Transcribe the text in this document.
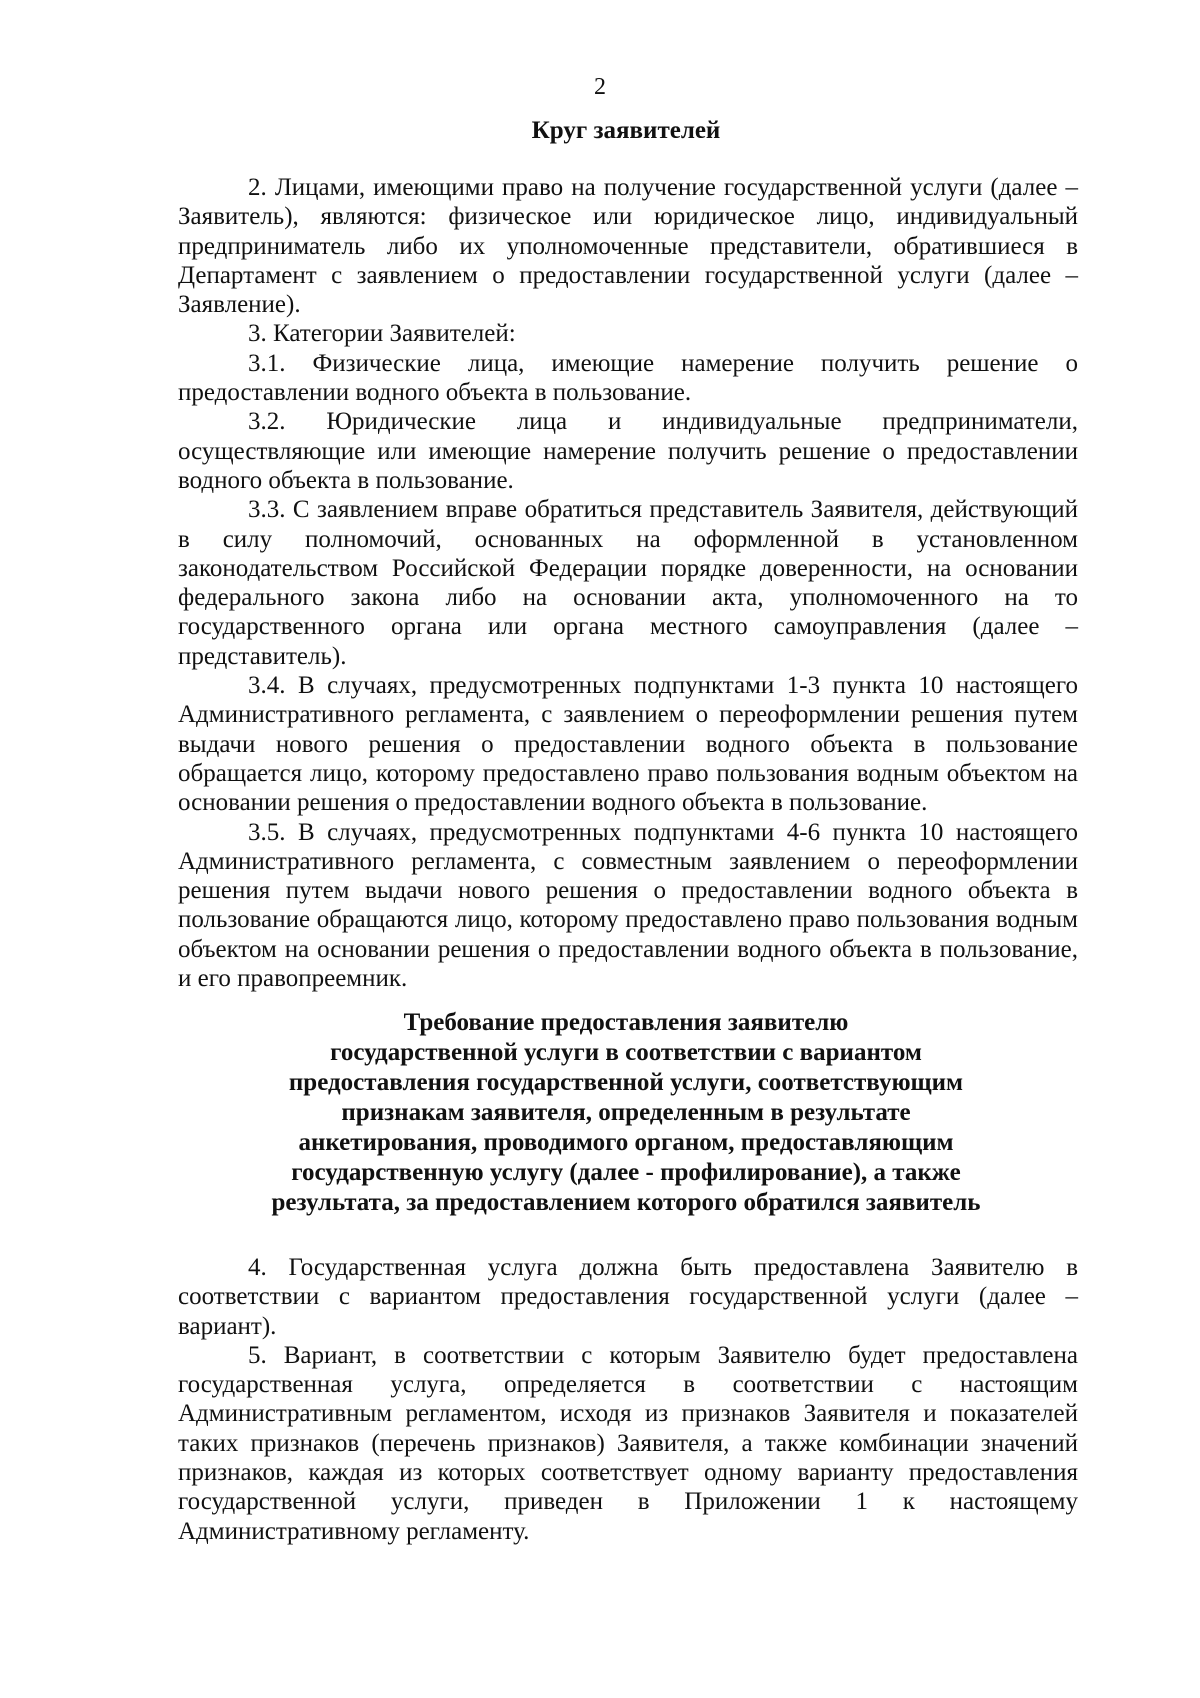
2
Круг заявителей

2. Лицами, имеющими право на получение государственной услуги (далее – Заявитель), являются: физическое или юридическое лицо, индивидуальный предприниматель либо их уполномоченные представители, обратившиеся в Департамент с заявлением о предоставлении государственной услуги (далее – Заявление).

3. Категории Заявителей:

3.1. Физические лица, имеющие намерение получить решение о предоставлении водного объекта в пользование.

3.2. Юридические лица и индивидуальные предприниматели, осуществляющие или имеющие намерение получить решение о предоставлении водного объекта в пользование.

3.3. С заявлением вправе обратиться представитель Заявителя, действующий в силу полномочий, основанных на оформленной в установленном законодательством Российской Федерации порядке доверенности, на основании федерального закона либо на основании акта, уполномоченного на то государственного органа или органа местного самоуправления (далее – представитель).

3.4. В случаях, предусмотренных подпунктами 1-3 пункта 10 настоящего Административного регламента, с заявлением о переоформлении решения путем выдачи нового решения о предоставлении водного объекта в пользование обращается лицо, которому предоставлено право пользования водным объектом на основании решения о предоставлении водного объекта в пользование.

3.5. В случаях, предусмотренных подпунктами 4-6 пункта 10 настоящего Административного регламента, с совместным заявлением о переоформлении решения путем выдачи нового решения о предоставлении водного объекта в пользование обращаются лицо, которому предоставлено право пользования водным объектом на основании решения о предоставлении водного объекта в пользование, и его правопреемник.

Требование предоставления заявителю
государственной услуги в соответствии с вариантом
предоставления государственной услуги, соответствующим
признакам заявителя, определенным в результате
анкетирования, проводимого органом, предоставляющим
государственную услугу (далее - профилирование), а также
результата, за предоставлением которого обратился заявитель

4. Государственная услуга должна быть предоставлена Заявителю в соответствии с вариантом предоставления государственной услуги (далее – вариант).

5. Вариант, в соответствии с которым Заявителю будет предоставлена государственная услуга, определяется в соответствии с настоящим Административным регламентом, исходя из признаков Заявителя и показателей таких признаков (перечень признаков) Заявителя, а также комбинации значений признаков, каждая из которых соответствует одному варианту предоставления государственной услуги, приведен в Приложении 1 к настоящему Административному регламенту.
